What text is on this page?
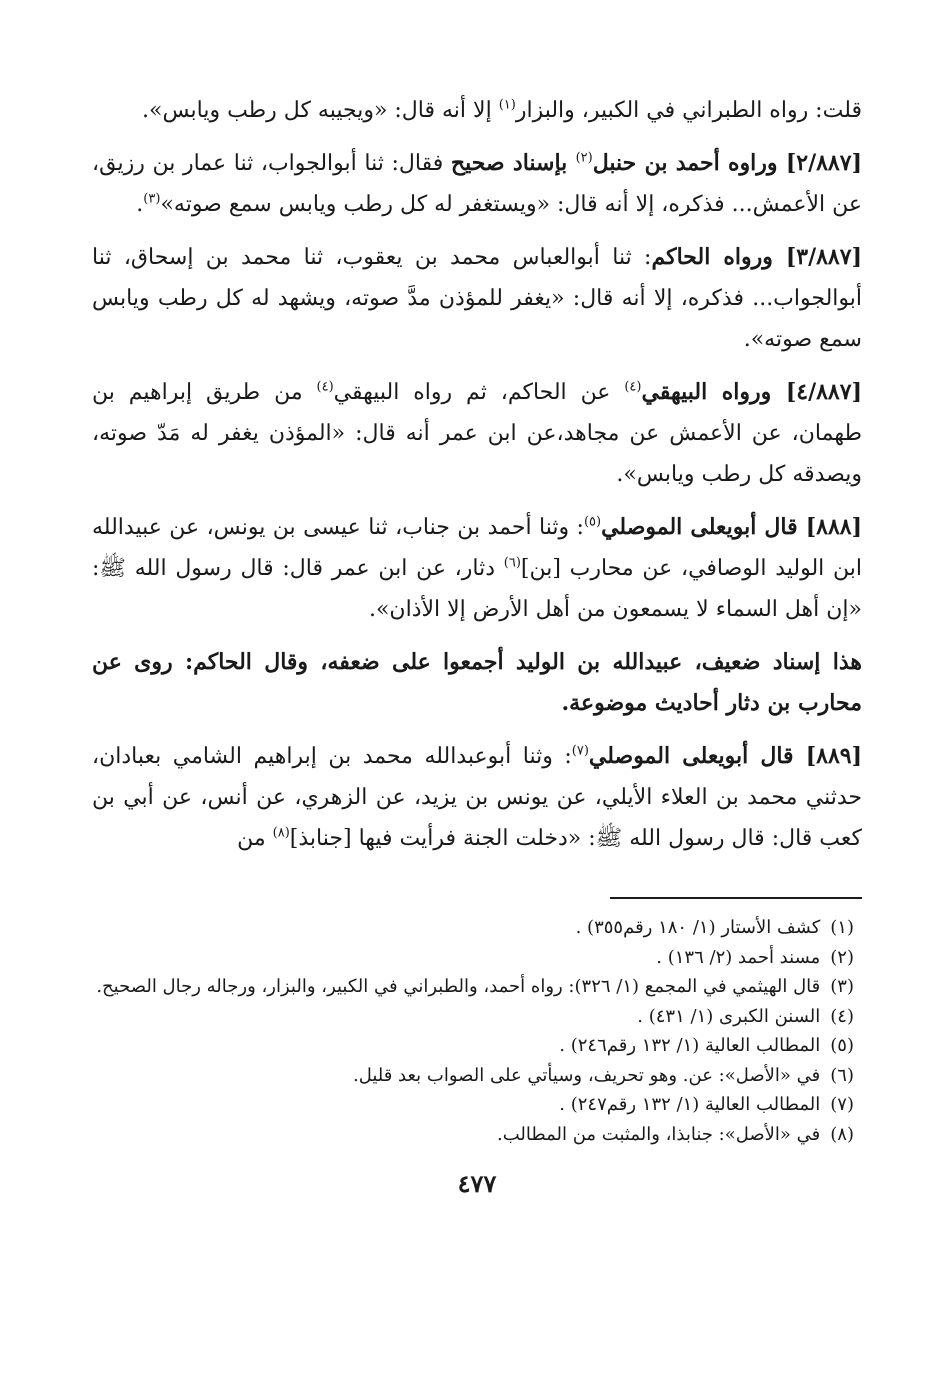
قلت: رواه الطبراني في الكبير، والبزار$^{(١)}$ إلا أنه قال: «ويجيبه كل رطب ويابس».

[٢/٨٨٧] وراوه أحمد بن حنبل$^{(٢)}$ بإسناد صحيح فقال: ثنا أبوالجواب، ثنا عمار بن رزيق، عن الأعمش... فذكره، إلا أنه قال: «ويستغفر له كل رطب ويابس سمع صوته»$^{(٣)}$.

[٣/٨٨٧] ورواه الحاكم: ثنا أبوالعباس محمد بن يعقوب، ثنا محمد بن إسحاق، ثنا أبوالجواب... فذكره، إلا أنه قال: «يغفر للمؤذن مدَّ صوته، ويشهد له كل رطب ويابس سمع صوته».

[٤/٨٨٧] ورواه البيهقي$^{(٤)}$ عن الحاكم، ثم رواه البيهقي$^{(٤)}$ من طريق إبراهيم بن طهمان، عن الأعمش عن مجاهد،عن ابن عمر أنه قال: «المؤذن يغفر له مَدّ صوته، ويصدقه كل رطب ويابس».

[٨٨٨] قال أبويعلى الموصلي$^{(٥)}$: وثنا أحمد بن جناب، ثنا عيسى بن يونس، عن عبيدالله ابن الوليد الوصافي، عن محارب [بن]$^{(٦)}$ دثار، عن ابن عمر قال: قال رسول الله ﷺ: «إن أهل السماء لا يسمعون من أهل الأرض إلا الأذان».

هذا إسناد ضعيف، عبيدالله بن الوليد أجمعوا على ضعفه، وقال الحاكم: روى عن محارب بن دثار أحاديث موضوعة.

[٨٨٩] قال أبويعلى الموصلي$^{(٧)}$: وثنا أبوعبدالله محمد بن إبراهيم الشامي بعبادان، حدثني محمد بن العلاء الأيلي، عن يونس بن يزيد، عن الزهري، عن أنس، عن أبي بن كعب قال: قال رسول الله ﷺ: «دخلت الجنة فرأيت فيها [جنابذ]$^{(٨)}$ من

(١) كشف الأستار (١/ ١٨٠ رقم٣٥٥) .
(٢) مسند أحمد (٢/ ١٣٦) .
(٣) قال الهيثمي في المجمع (١/ ٣٢٦): رواه أحمد، والطبراني في الكبير، والبزار، ورجاله رجال الصحيح.
(٤) السنن الكبرى (١/ ٤٣١) .
(٥) المطالب العالية (١/ ١٣٢ رقم٢٤٦) .
(٦) في «الأصل»: عن. وهو تحريف، وسيأتي على الصواب بعد قليل.
(٧) المطالب العالية (١/ ١٣٢ رقم٢٤٧) .
(٨) في «الأصل»: جنابذا، والمثبت من المطالب.
٤٧٧
